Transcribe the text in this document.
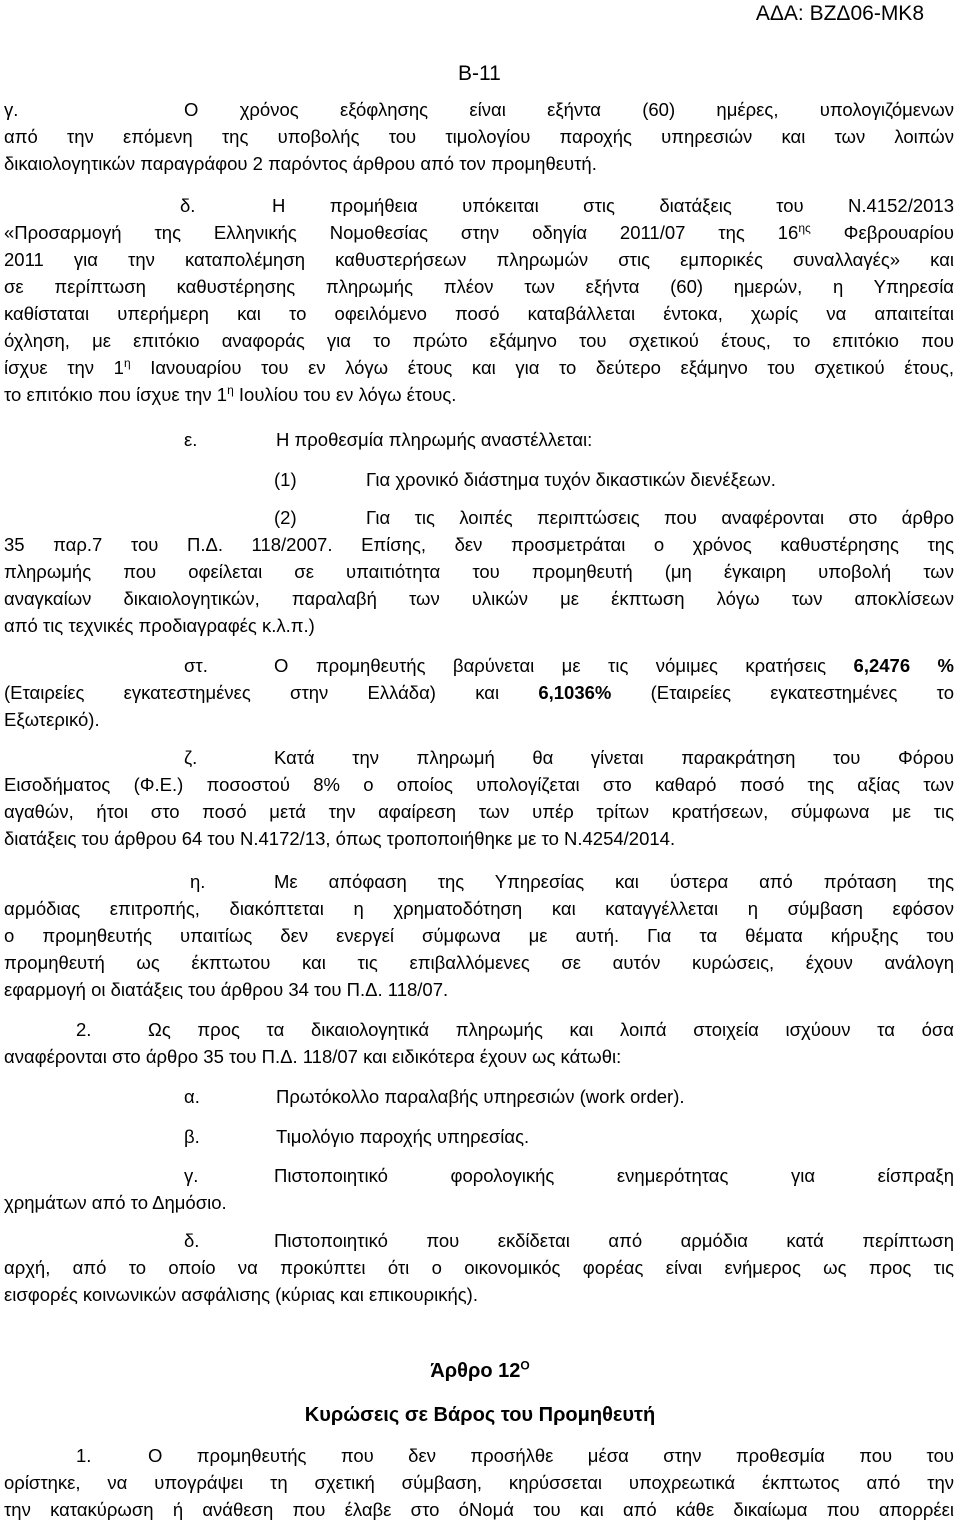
ΑΔΑ: ΒΖΔ06-ΜΚ8
Β-11

γ.	Ο χρόνος εξόφλησης είναι εξήντα (60) ημέρες, υπολογιζόμενων

από την επόμενη της υποβολής του τιμολογίου παροχής υπηρεσιών και των λοιπών

δικαιολογητικών παραγράφου 2 παρόντος άρθρου από τον προμηθευτή.

δ.	Η προμήθεια υπόκειται στις διατάξεις του Ν.4152/2013

«Προσαρμογή της Ελληνικής Νομοθεσίας στην οδηγία 2011/07 της $16^{\eta\varsigma}$ Φεβρουαρίου

2011 για την καταπολέμηση καθυστερήσεων πληρωμών στις εμπορικές συναλλαγές» και

σε περίπτωση καθυστέρησης πληρωμής πλέον των εξήντα (60) ημερών, η Υπηρεσία

καθίσταται υπερήμερη και το οφειλόμενο ποσό καταβάλλεται έντοκα, χωρίς να απαιτείται

όχληση, με επιτόκιο αναφοράς για το πρώτο εξάμηνο του σχετικού έτους, το επιτόκιο που

ίσχυε την $1^\eta$ Ιανουαρίου του εν λόγω έτους και για το δεύτερο εξάμηνο του σχετικού έτους,

το επιτόκιο που ίσχυε την $1^\eta$ Ιουλίου του εν λόγω έτους.

ε.	Η προθεσμία πληρωμής αναστέλλεται:
(1)	Για χρονικό διάστημα τυχόν δικαστικών διενέξεων.

(2)	Για τις λοιπές περιπτώσεις που αναφέρονται στο άρθρο

35 παρ.7 του Π.Δ. 118/2007. Επίσης, δεν προσμετράται ο χρόνος καθυστέρησης της

πληρωμής που οφείλεται σε υπαιτιότητα του προμηθευτή (μη έγκαιρη υποβολή των

αναγκαίων δικαιολογητικών, παραλαβή των υλικών με έκπτωση λόγω των αποκλίσεων

από τις τεχνικές προδιαγραφές κ.λ.π.)

στ.	Ο προμηθευτής βαρύνεται με τις νόμιμες κρατήσεις 6,2476 %

(Εταιρείες εγκατεστημένες στην Ελλάδα) και 6,1036% (Εταιρείες εγκατεστημένες το

Εξωτερικό).

ζ.	Κατά την πληρωμή θα γίνεται παρακράτηση του Φόρου

Εισοδήματος (Φ.Ε.) ποσοστού 8% ο οποίος υπολογίζεται στο καθαρό ποσό της αξίας των

αγαθών, ήτοι στο ποσό μετά την αφαίρεση των υπέρ τρίτων κρατήσεων, σύμφωνα με τις

διατάξεις του άρθρου 64 του Ν.4172/13, όπως τροποποιήθηκε με το Ν.4254/2014.

η.	Με απόφαση της Υπηρεσίας και ύστερα από πρόταση της

αρμόδιας επιτροπής, διακόπτεται η χρηματοδότηση και καταγγέλλεται η σύμβαση εφόσον

ο προμηθευτής υπαιτίως δεν ενεργεί σύμφωνα με αυτή. Για τα θέματα κήρυξης του

προμηθευτή ως έκπτωτου και τις επιβαλλόμενες σε αυτόν κυρώσεις, έχουν ανάλογη

εφαρμογή οι διατάξεις του άρθρου 34 του Π.Δ. 118/07.

2.	Ως προς τα δικαιολογητικά πληρωμής και λοιπά στοιχεία ισχύουν τα όσα

αναφέρονται στο άρθρο 35 του Π.Δ. 118/07 και ειδικότερα έχουν ως κάτωθι:

α.	Πρωτόκολλο παραλαβής υπηρεσιών (work order).
β.	Τιμολόγιο παροχής υπηρεσίας.

γ.	Πιστοποιητικό φορολογικής ενημερότητας για είσπραξη

χρημάτων από το Δημόσιο.

δ.	Πιστοποιητικό που εκδίδεται από αρμόδια κατά περίπτωση

αρχή, από το οποίο να προκύπτει ότι ο οικονομικός φορέας είναι ενήμερος ως προς τις

εισφορές κοινωνικών ασφάλισης (κύριας και επικουρικής).

Άρθρο $12^O$
Κυρώσεις σε Βάρος του Προμηθευτή

1.	Ο προμηθευτής που δεν προσήλθε μέσα στην προθεσμία που του

ορίστηκε, να υπογράψει τη σχετική σύμβαση, κηρύσσεται υποχρεωτικά έκπτωτος από την

την κατακύρωση ή ανάθεση που έλαβε στο όΝομά του και από κάθε δικαίωμα που απορρέει
